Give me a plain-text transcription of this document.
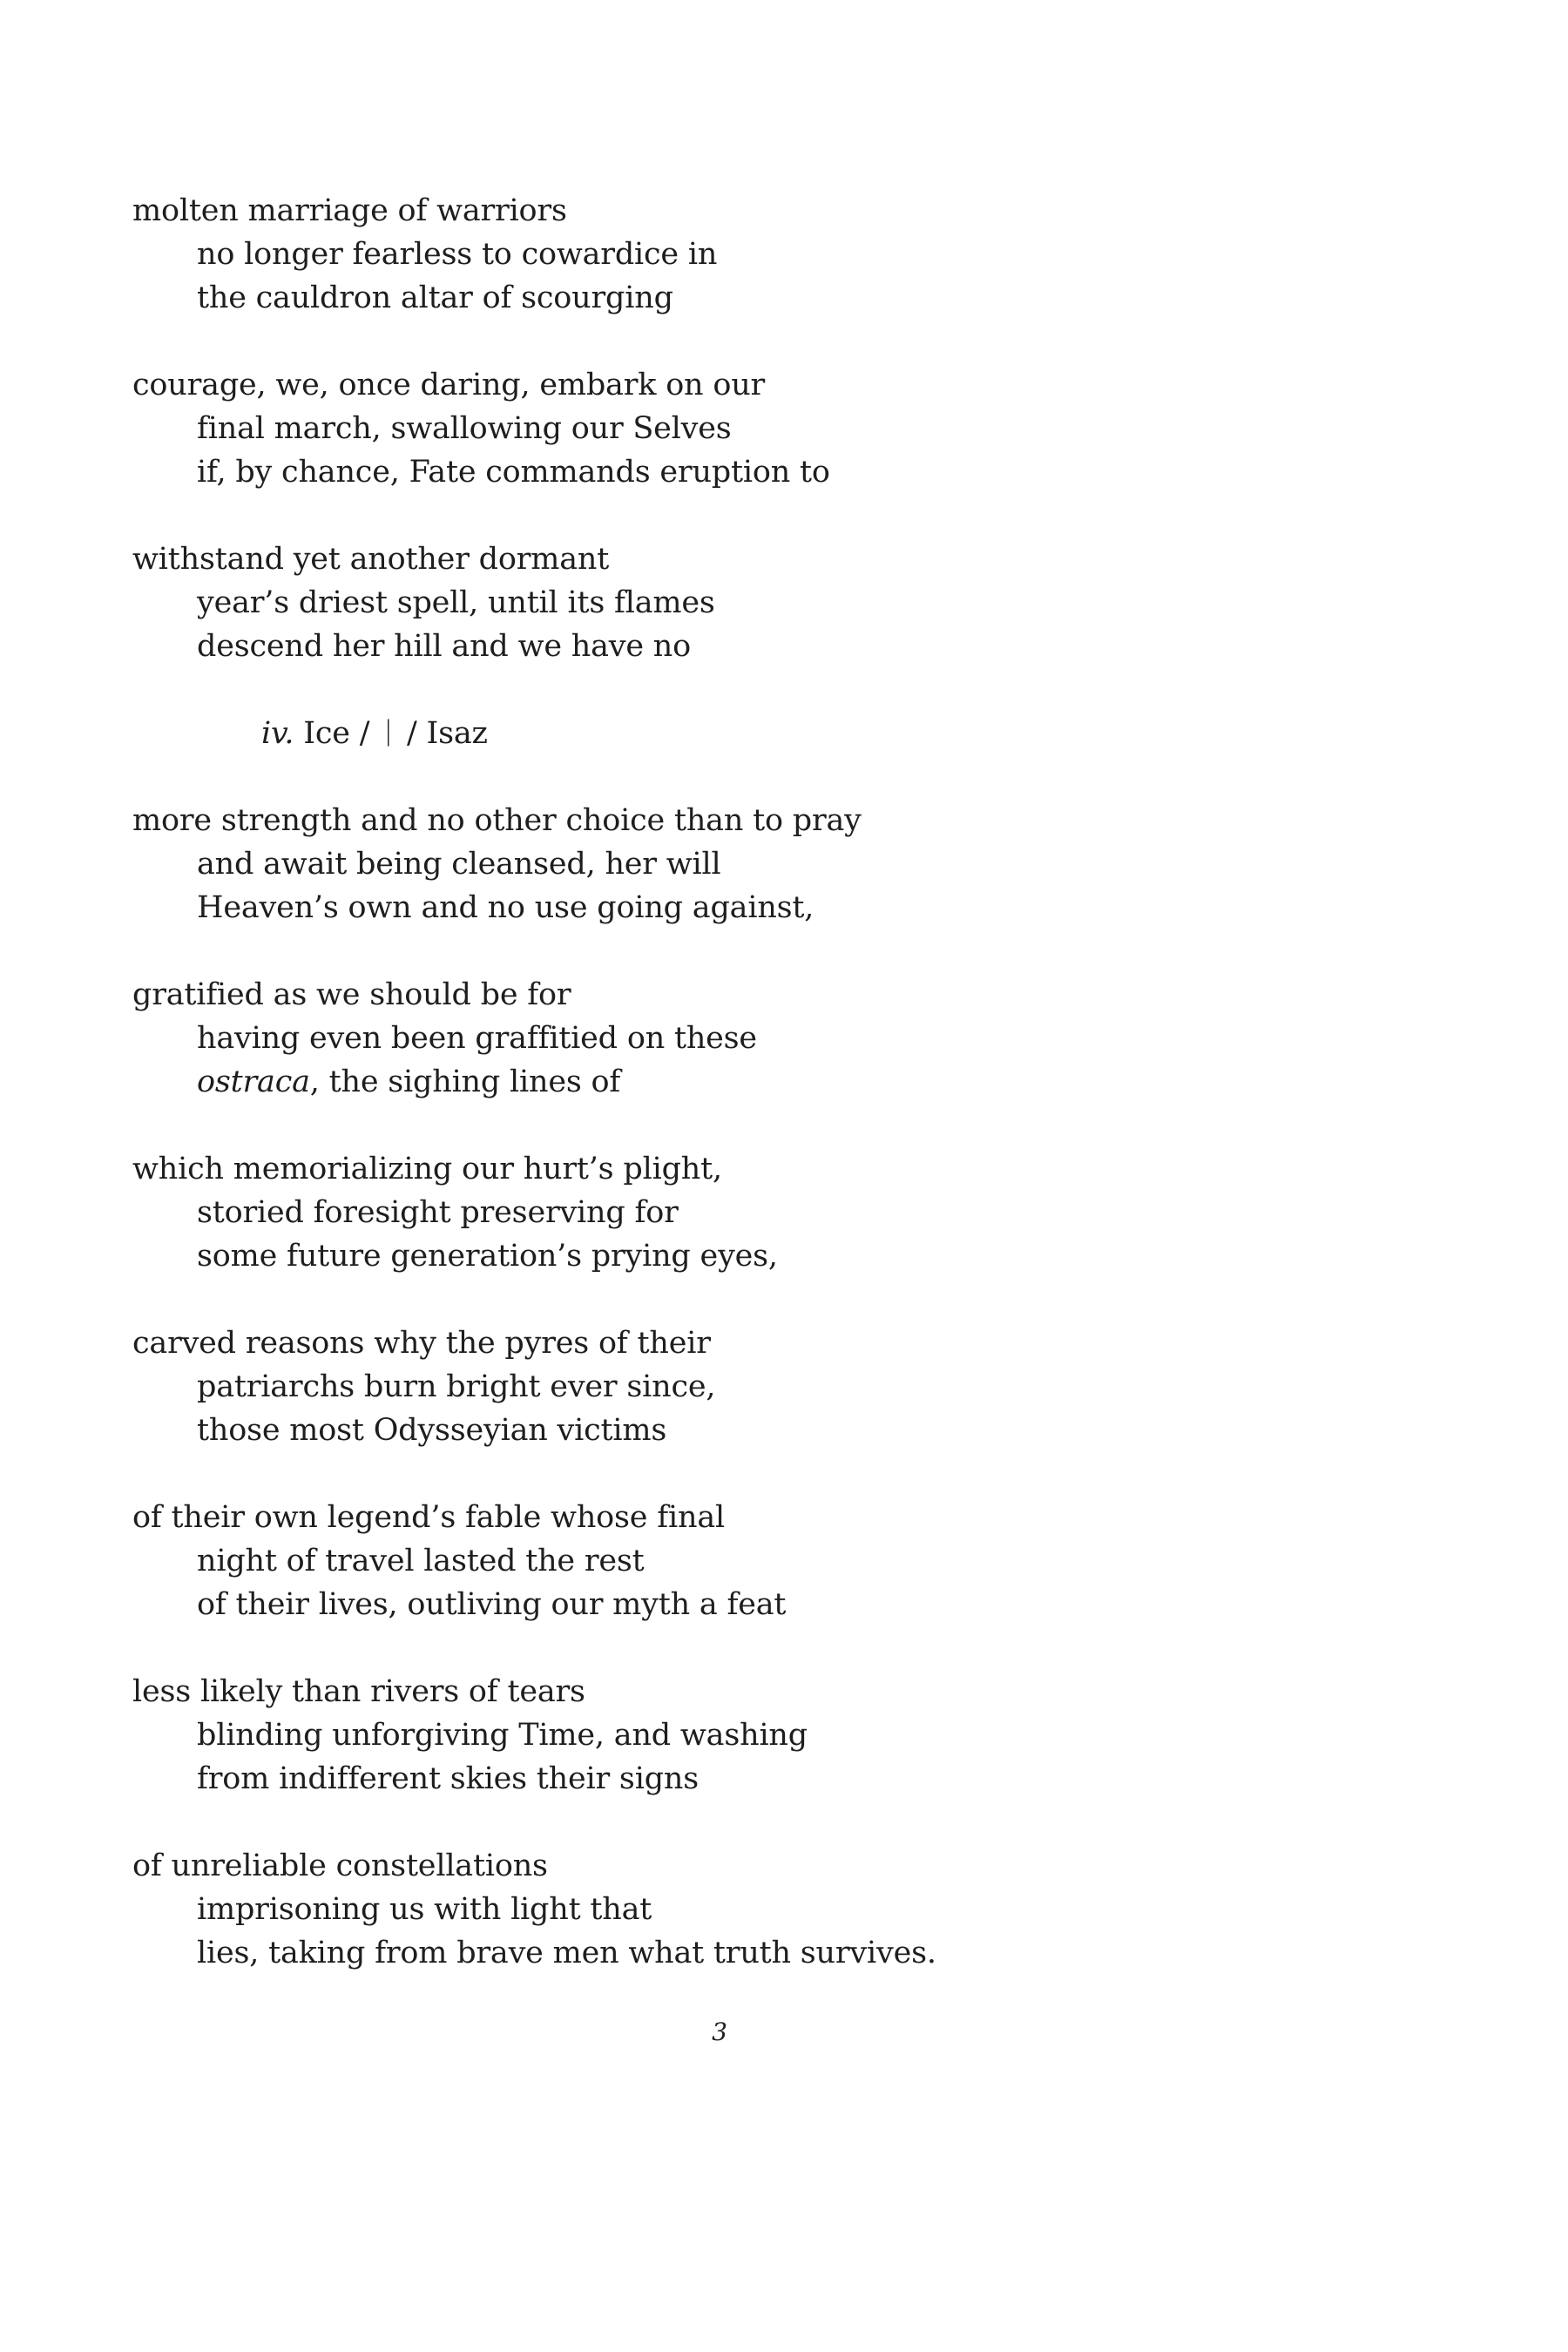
molten marriage of warriors
no longer fearless to cowardice in
the cauldron altar of scourging
courage, we, once daring, embark on our
final march, swallowing our Selves
if, by chance, Fate commands eruption to
withstand yet another dormant
year’s driest spell, until its flames
descend her hill and we have no
iv. Ice / ᛁ / Isaz
more strength and no other choice than to pray
and await being cleansed, her will
Heaven’s own and no use going against,
gratified as we should be for
having even been graffitied on these
ostraca, the sighing lines of
which memorializing our hurt’s plight,
storied foresight preserving for
some future generation’s prying eyes,
carved reasons why the pyres of their
patriarchs burn bright ever since,
those most Odysseyian victims
of their own legend’s fable whose final
night of travel lasted the rest
of their lives, outliving our myth a feat
less likely than rivers of tears
blinding unforgiving Time, and washing
from indifferent skies their signs
of unreliable constellations
imprisoning us with light that
lies, taking from brave men what truth survives.
3
